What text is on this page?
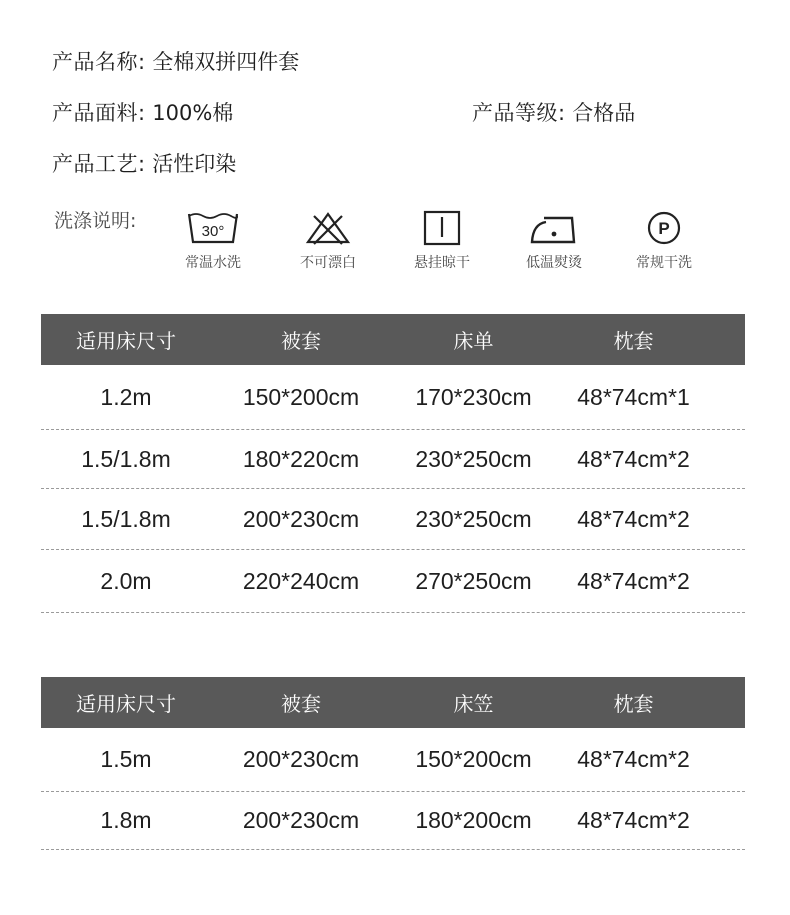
产品名称: 全棉双拼四件套
产品面料: 100%棉	产品等级: 合格品
产品工艺: 活性印染
洗涤说明:	30°
常温水洗	不可漂白	悬挂晾干	低温熨烫
P
常规干洗
适用床尺寸	被套	床单	枕套
1.2m	150*200cm	170*230cm	48*74cm*1
1.5/1.8m	180*220cm	230*250cm	48*74cm*2
1.5/1.8m	200*230cm	230*250cm	48*74cm*2
2.0m	220*240cm	270*250cm	48*74cm*2
适用床尺寸	被套	床笠	枕套
1.5m	200*230cm	150*200cm	48*74cm*2
1.8m	200*230cm	180*200cm	48*74cm*2
